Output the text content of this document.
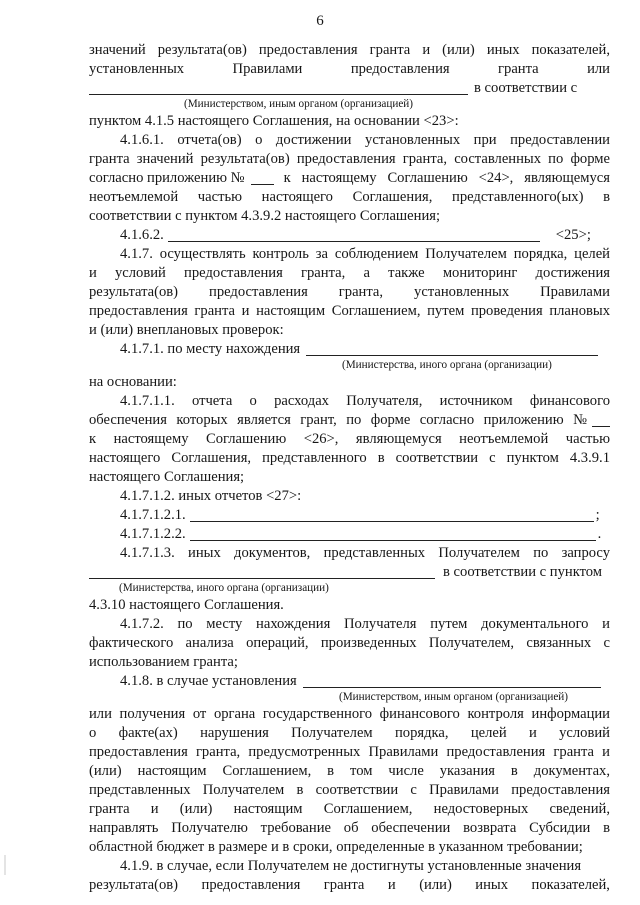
6
значений результата(ов) предоставления гранта и (или) иных показателей,
установленных	Правилами	предоставления	гранта	или
в соответствии с
(Министерством, иным органом (организацией)
пунктом 4.1.5 настоящего Соглашения, на основании <23>:
4.1.6.1. отчета(ов) о достижении установленных при предоставлении
гранта значений результата(ов) предоставления гранта, составленных по форме
согласно приложению №	к настоящему Соглашению <24>, являющемуся
неотъемлемой частью настоящего Соглашения, представленного(ых) в
соответствии с пунктом 4.3.9.2 настоящего Соглашения;
4.1.6.2.	<25>;
4.1.7. осуществлять контроль за соблюдением Получателем порядка, целей
и условий предоставления гранта, а также мониторинг достижения
результата(ов) предоставления гранта, установленных Правилами
предоставления гранта и настоящим Соглашением, путем проведения плановых
и (или) внеплановых проверок:
4.1.7.1. по месту нахождения
(Министерства, иного органа (организации)
на основании:
4.1.7.1.1. отчета о расходах Получателя, источником финансового
обеспечения которых является грант, по форме согласно приложению №
к настоящему Соглашению <26>, являющемуся неотъемлемой частью
настоящего Соглашения, представленного в соответствии с пунктом 4.3.9.1
настоящего Соглашения;
4.1.7.1.2. иных отчетов <27>:
4.1.7.1.2.1.	;
4.1.7.1.2.2.	.
4.1.7.1.3. иных документов, представленных Получателем по запросу
в соответствии с пунктом
(Министерства, иного органа (организации)
4.3.10 настоящего Соглашения.
4.1.7.2. по месту нахождения Получателя путем документального и
фактического анализа операций, произведенных Получателем, связанных с
использованием гранта;
4.1.8. в случае установления
(Министерством, иным органом (организацией)
или получения от органа государственного финансового контроля информации
о факте(ах) нарушения Получателем порядка, целей и условий
предоставления гранта, предусмотренных Правилами предоставления гранта и
(или) настоящим Соглашением, в том числе указания в документах,
представленных Получателем в соответствии с Правилами предоставления
гранта и (или) настоящим Соглашением, недостоверных сведений,
направлять Получателю требование об обеспечении возврата Субсидии в
областной бюджет в размере и в сроки, определенные в указанном требовании;
4.1.9. в случае, если Получателем не достигнуты установленные значения
результата(ов) предоставления гранта и (или) иных показателей,
